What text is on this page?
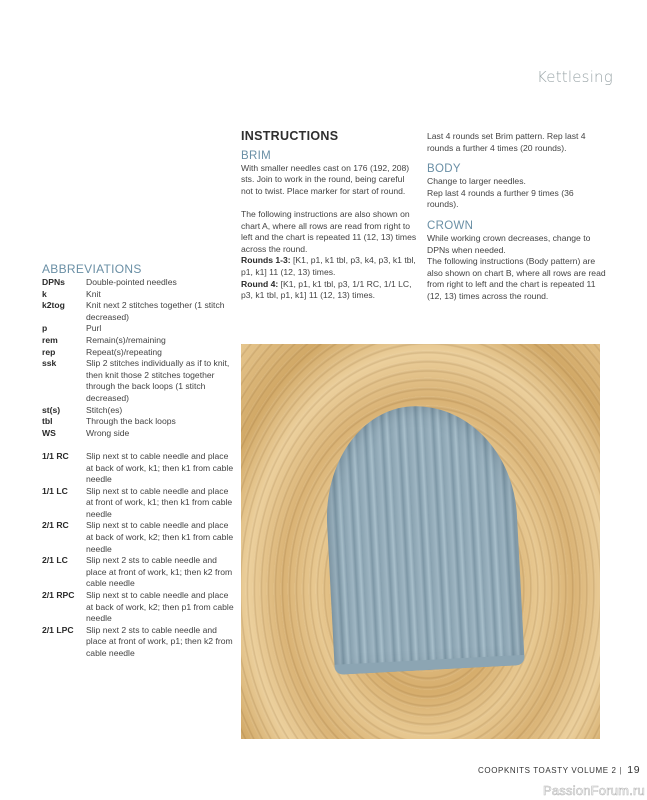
Kettlesing
ABBREVIATIONS
DPNs	Double-pointed needles
k	Knit
k2tog	Knit next 2 stitches together (1 stitch decreased)
p	Purl
rem	Remain(s)/remaining
rep	Repeat(s)/repeating
ssk	Slip 2 stitches individually as if to knit, then knit those 2 stitches together through the back loops (1 stitch decreased)
st(s)	Stitch(es)
tbl	Through the back loops
WS	Wrong side
1/1 RC	Slip next st to cable needle and place at back of work, k1; then k1 from cable needle
1/1 LC	Slip next st to cable needle and place at front of work, k1; then k1 from cable needle
2/1 RC	Slip next st to cable needle and place at back of work, k2; then k1 from cable needle
2/1 LC	Slip next 2 sts to cable needle and place at front of work, k1; then k2 from cable needle
2/1 RPC	Slip next st to cable needle and place at back of work, k2; then p1 from cable needle
2/1 LPC	Slip next 2 sts to cable needle and place at front of work, p1; then k2 from cable needle
INSTRUCTIONS
BRIM

With smaller needles cast on 176 (192, 208) sts. Join to work in the round, being careful not to twist. Place marker for start of round.

The following instructions are also shown on chart A, where all rows are read from right to left and the chart is repeated 11 (12, 13) times across the round.

Rounds 1-3: [K1, p1, k1 tbl, p3, k4, p3, k1 tbl, p1, k1] 11 (12, 13) times.

Round 4: [K1, p1, k1 tbl, p3, 1/1 RC, 1/1 LC, p3, k1 tbl, p1, k1] 11 (12, 13) times.

Last 4 rounds set Brim pattern. Rep last 4 rounds a further 4 times (20 rounds).

BODY

Change to larger needles.

Rep last 4 rounds a further 9 times (36 rounds).

CROWN

While working crown decreases, change to DPNs when needed.

The following instructions (Body pattern) are also shown on chart B, where all rows are read from right to left and the chart is repeated 11 (12, 13) times across the round.

COOPKNITS TOASTY VOLUME 2 | 19
PassionForum.ru
